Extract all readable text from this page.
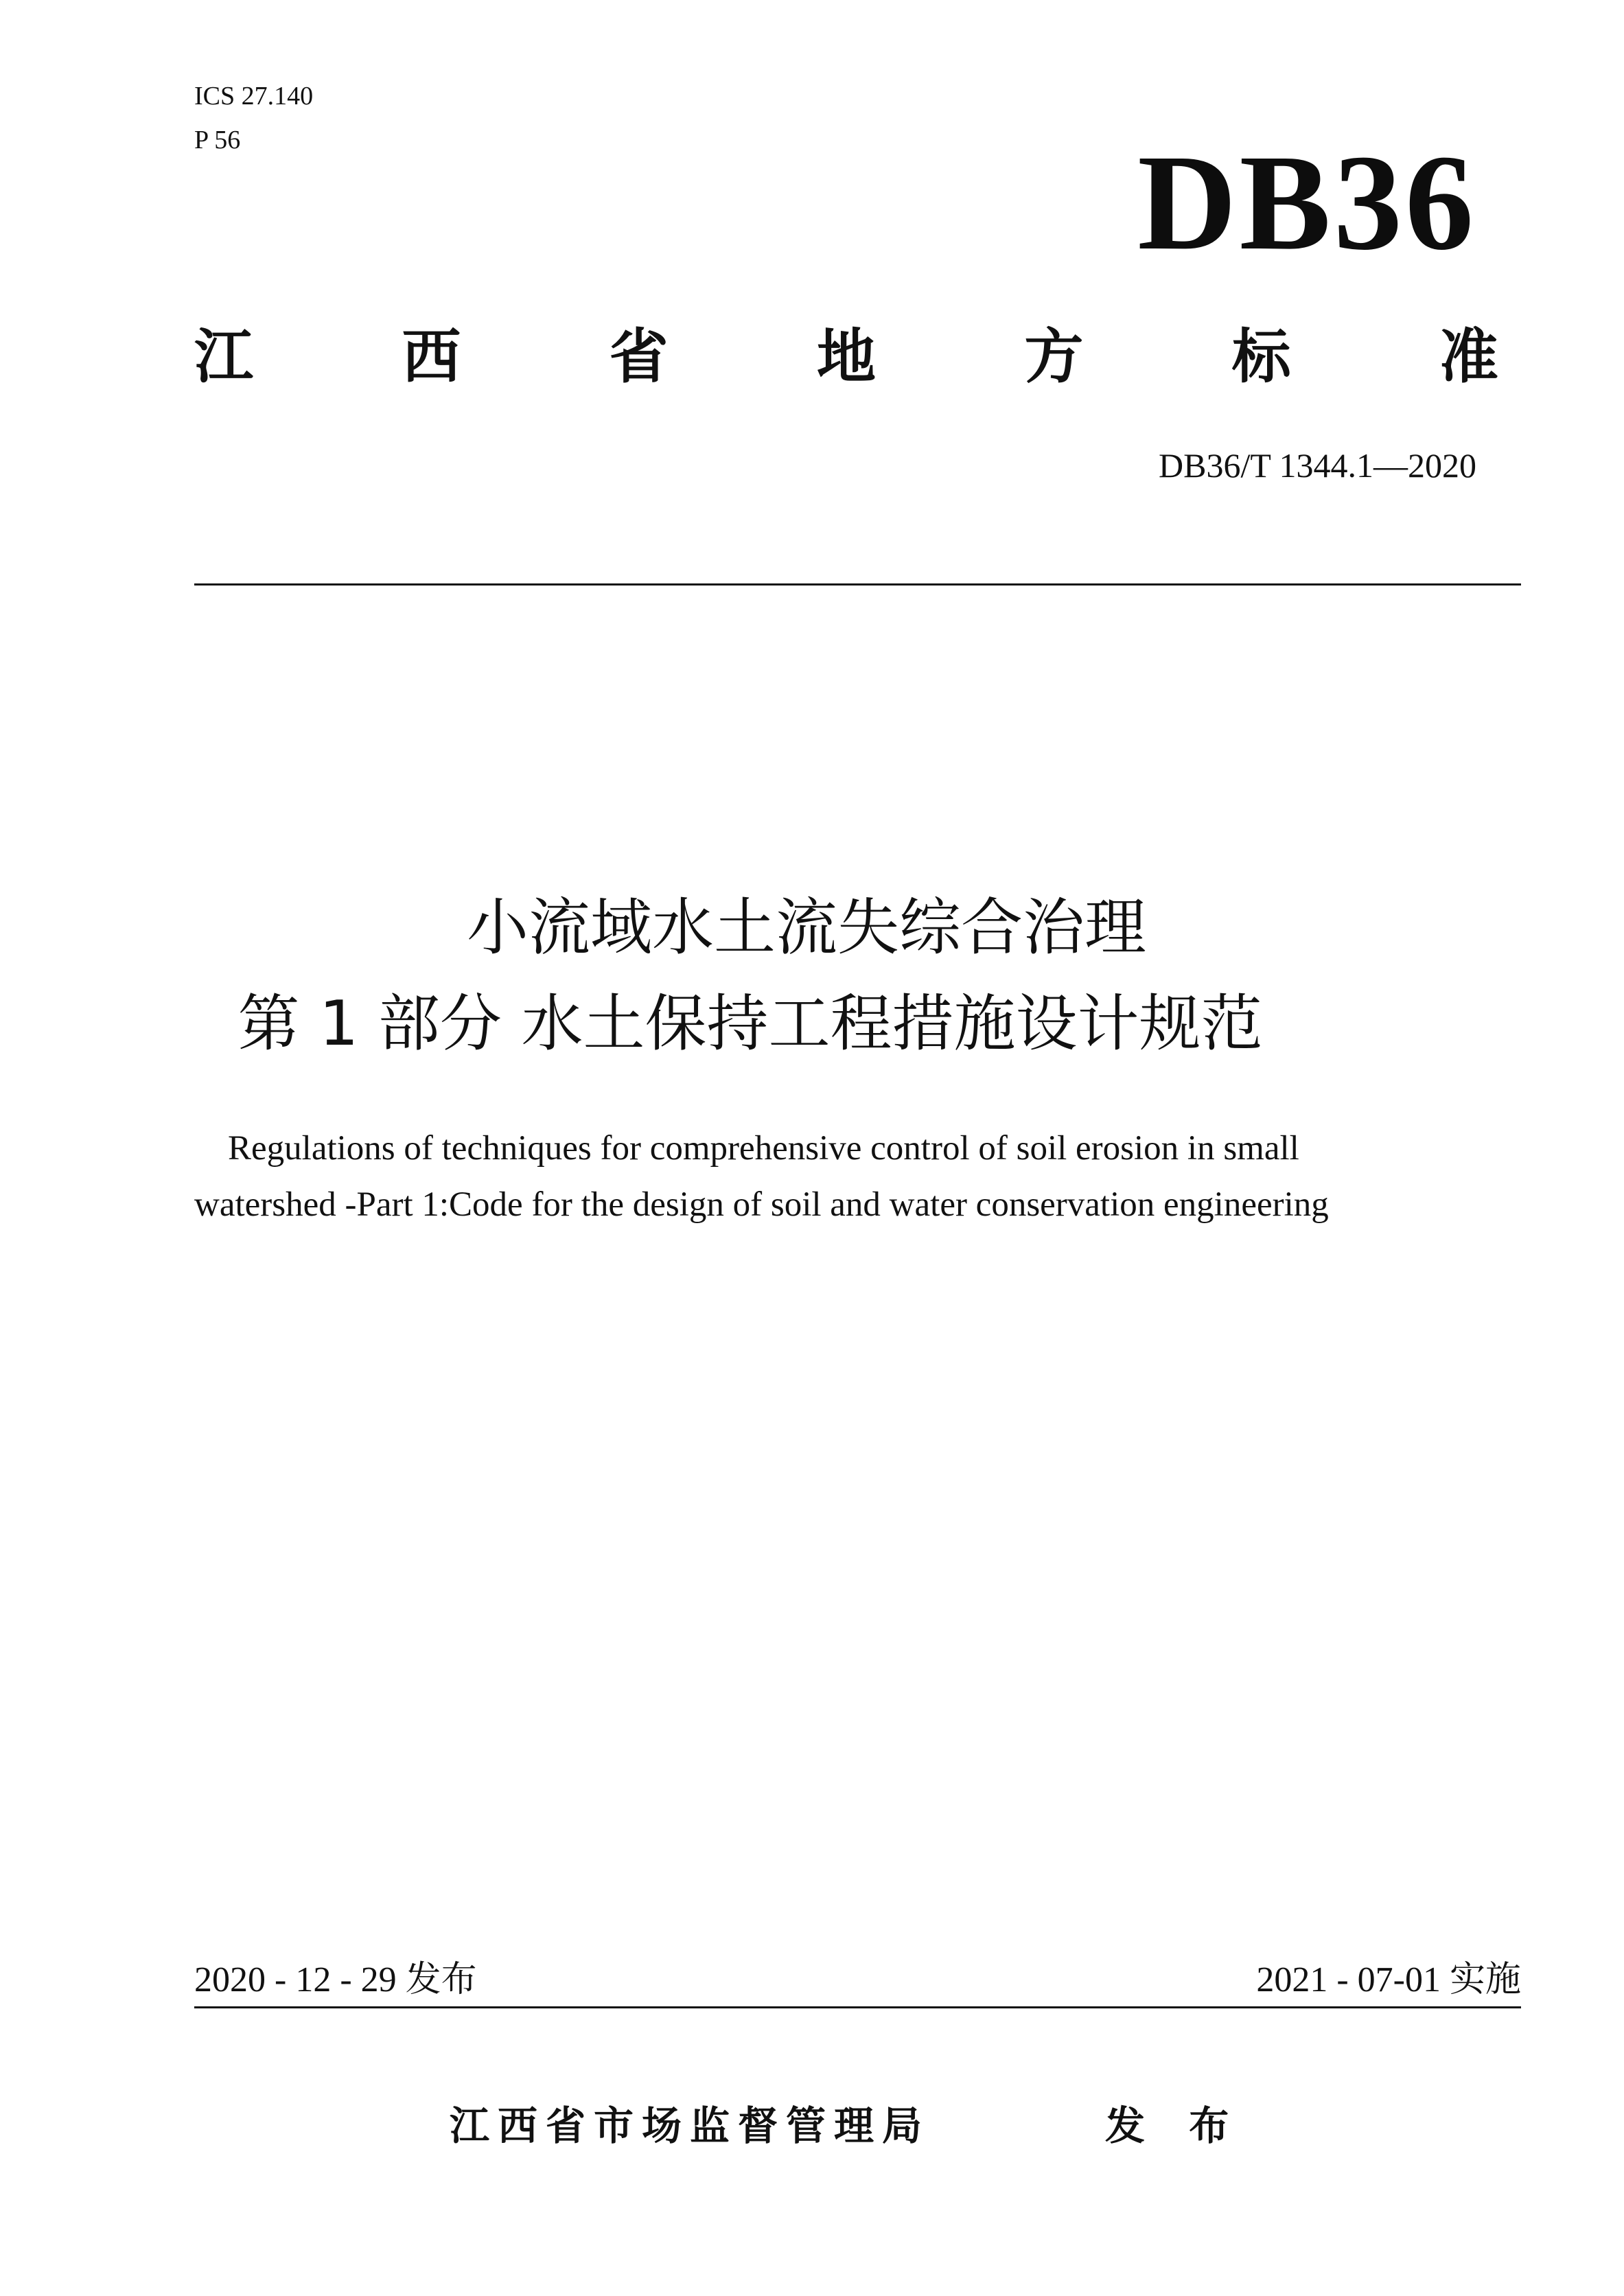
ICS 27.140
P 56	DB36
江	西	省	地	方	标	准
DB36/T 1344.1—2020
小流域水土流失综合治理
第 1 部分 水土保持工程措施设计规范
Regulations of techniques for comprehensive control of soil erosion in small
watershed -Part 1:Code for the design of soil and water conservation engineering
2020 - 12 - 29 发布	2021 - 07-01 实施
江西省市场监督管理局	发 布
